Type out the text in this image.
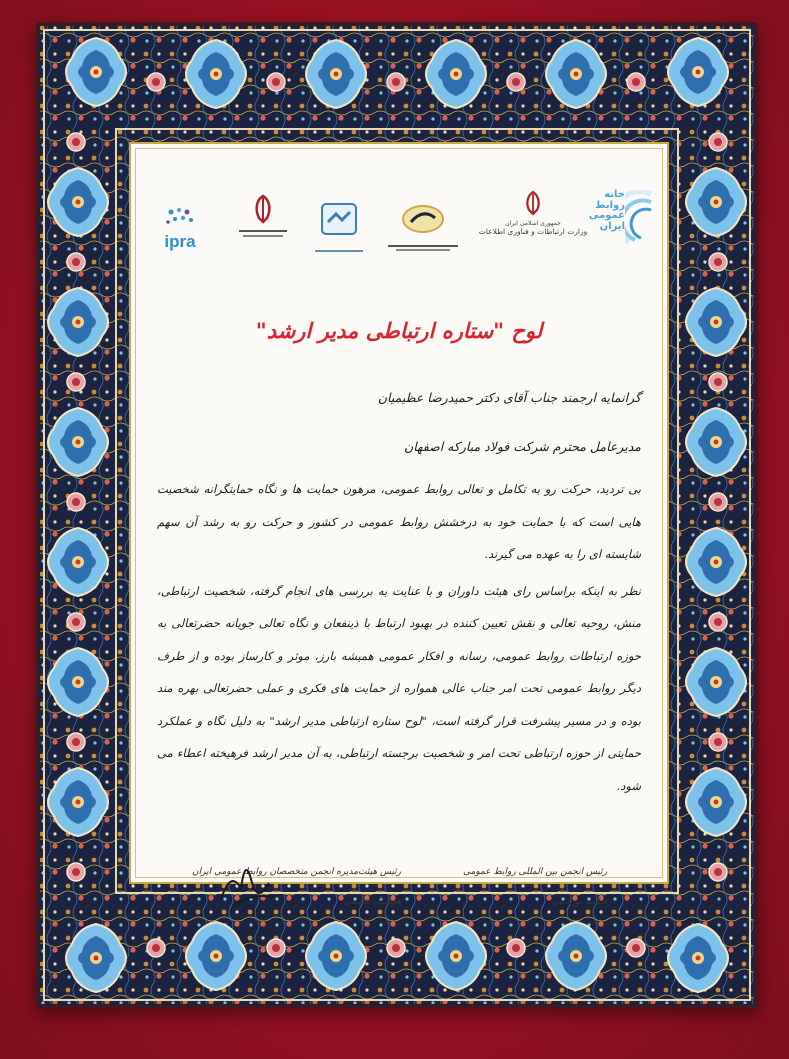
ipra

جمهوری اسلامی ایران
وزارت ارتباطات و فناوری اطلاعات
خانه
روابط
عمومی
ایران
لوح "ستاره ارتباطی مدیر ارشد"

گرانمایه ارجمند جناب آقای دکتر حمیدرضا عظیمیان

مدیرعامل محترم شرکت فولاد مبارکه اصفهان

بی تردید، حرکت رو به تکامل و تعالی روابط عمومی، مرهون حمایت ها و نگاه حمایتگرانه شخصیت هایی است که با حمایت خود به درخشش روابط عمومی در کشور و حرکت رو به رشد آن سهم شایسته ای را به عهده می گیرند.

نظر به اینکه براساس رای هیئت داوران و با عنایت به بررسی های انجام گرفته، شخصیت ارتباطی، منش، روحیه تعالی و نقش تعیین کننده در بهبود ارتباط با ذینفعان و نگاه تعالی جویانه حضرتعالی به حوزه ارتباطات روابط عمومی، رسانه و افکار عمومی همیشه بارز، موثر و کارساز بوده و از طرف دیگر روابط عمومی تحت امر جناب عالی همواره از حمایت های فکری و عملی حضرتعالی بهره مند بوده و در مسیر پیشرفت قرار گرفته است، "لوح ستاره ارتباطی مدیر ارشد" به دلیل نگاه و عملکرد حمایتی از حوزه ارتباطی تحت امر و شخصیت برجسته ارتباطی، به آن مدیر ارشد فرهیخته اعطاء می شود.

رئیس انجمن بین المللی روابط عمومی
فیلیپ بورهاس
رئیس هیئت‌مدیره انجمن متخصصان روابط عمومی ایران
هوشنگ شفیعی
